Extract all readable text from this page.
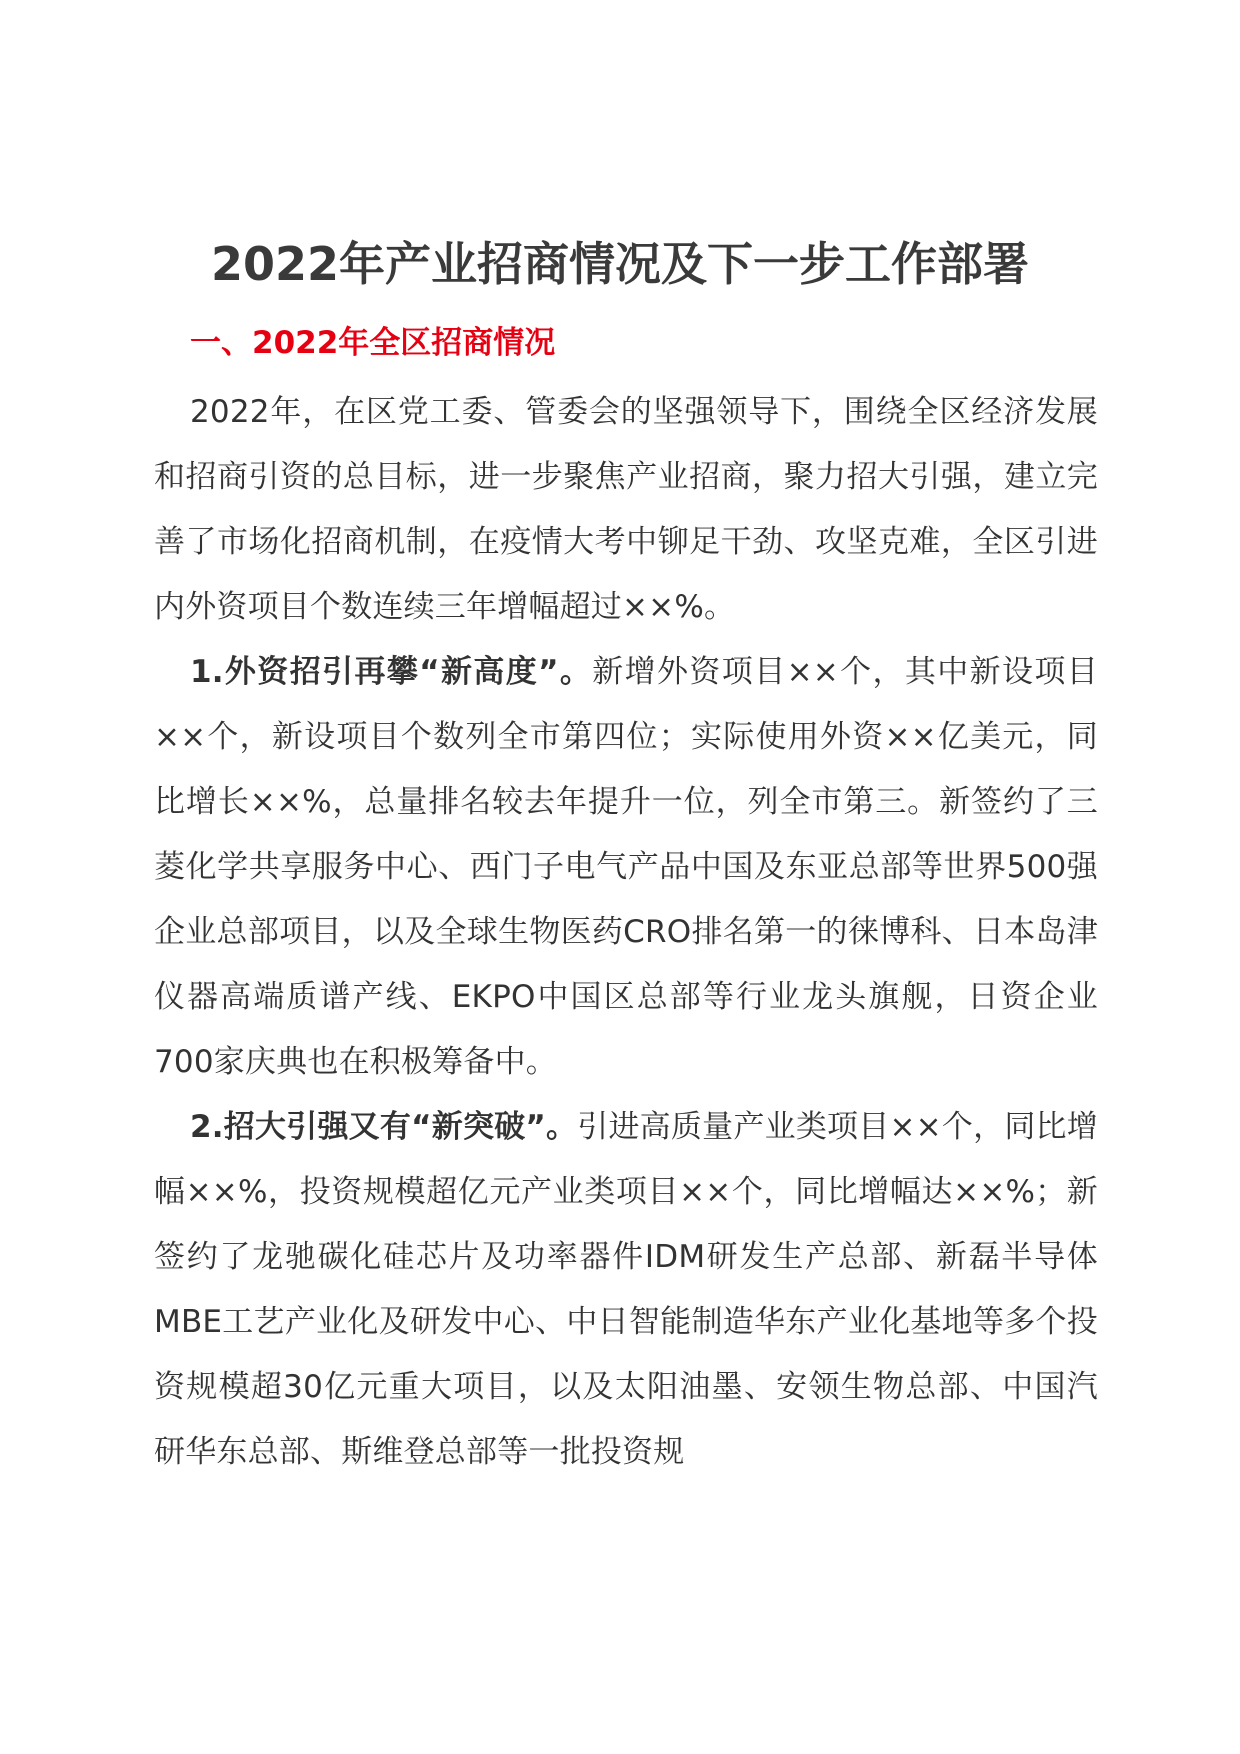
2022年产业招商情况及下一步工作部署
一、2022年全区招商情况

2022年，在区党工委、管委会的坚强领导下，围绕全区经济发展和招商引资的总目标，进一步聚焦产业招商，聚力招大引强，建立完善了市场化招商机制，在疫情大考中铆足干劲、攻坚克难，全区引进内外资项目个数连续三年增幅超过××%。

1.外资招引再攀“新高度”。新增外资项目××个，其中新设项目××个，新设项目个数列全市第四位；实际使用外资××亿美元，同比增长××%，总量排名较去年提升一位，列全市第三。新签约了三菱化学共享服务中心、西门子电气产品中国及东亚总部等世界500强企业总部项目，以及全球生物医药CRO排名第一的徕博科、日本岛津仪器高端质谱产线、EKPO中国区总部等行业龙头旗舰，日资企业700家庆典也在积极筹备中。

2.招大引强又有“新突破”。引进高质量产业类项目××个，同比增幅××%，投资规模超亿元产业类项目××个，同比增幅达××%；新签约了龙驰碳化硅芯片及功率器件IDM研发生产总部、新磊半导体MBE工艺产业化及研发中心、中日智能制造华东产业化基地等多个投资规模超30亿元重大项目，以及太阳油墨、安领生物总部、中国汽研华东总部、斯维登总部等一批投资规
